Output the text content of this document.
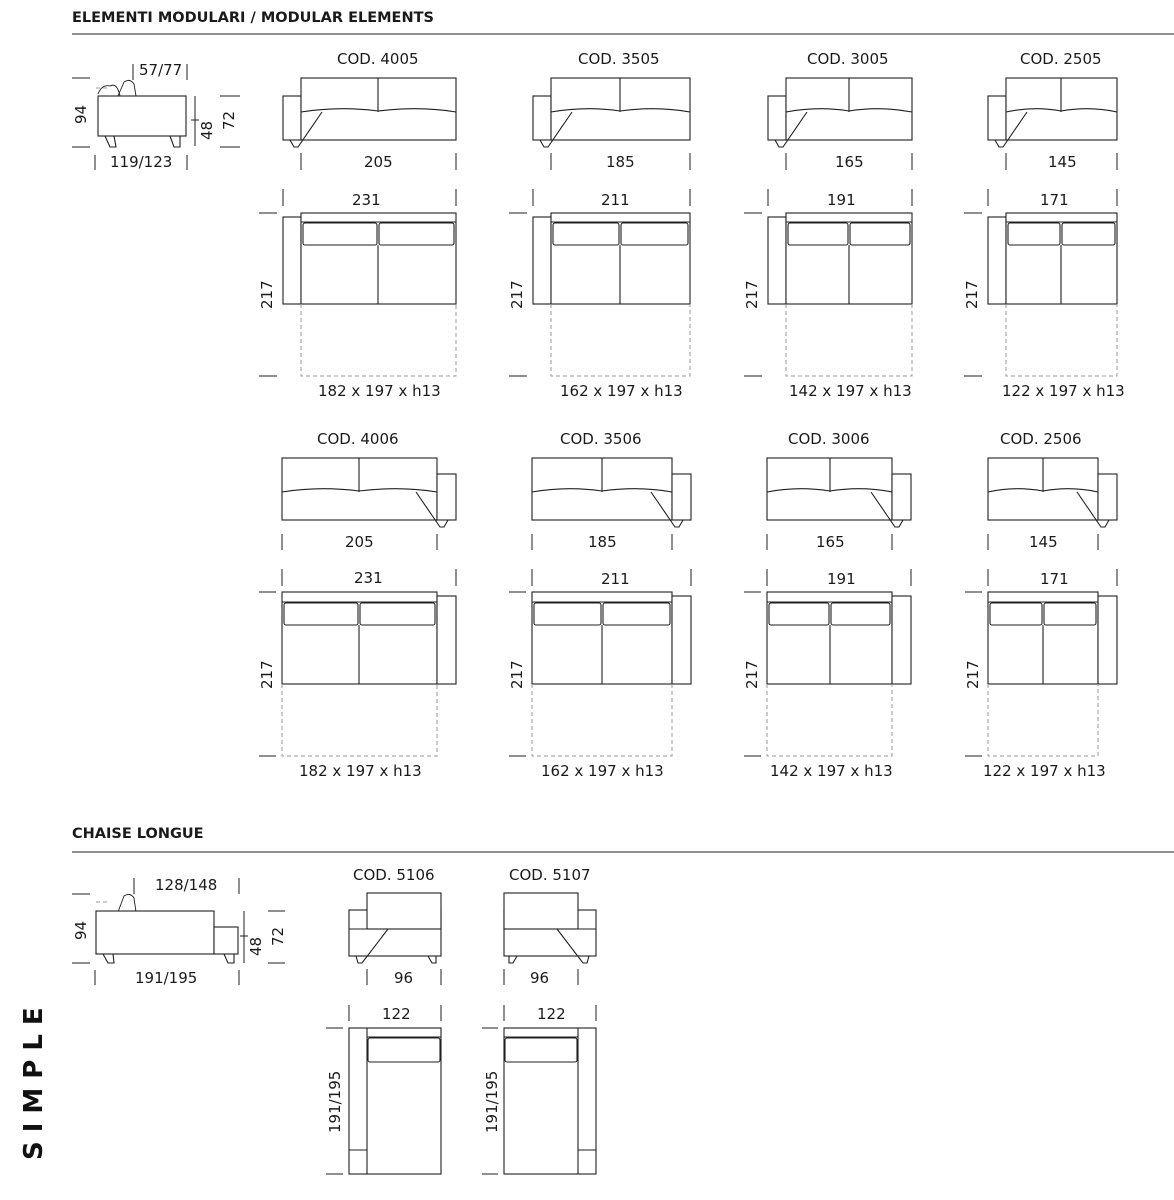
ELEMENTI MODULARI / MODULAR ELEMENTS
CHAISE LONGUE
SIMPLE
94
57/77
48
72
119/123
COD. 4005
205
231
217
182 x 197 x h13
COD. 3505
185
211
217
162 x 197 x h13
COD. 3005
165
191
217
142 x 197 x h13
COD. 2505
145
171
217
122 x 197 x h13
COD. 4006
205
231
217
182 x 197 x h13
COD. 3506
185
211
217
162 x 197 x h13
COD. 3006
165
191
217
142 x 197 x h13
COD. 2506
145
171
217
122 x 197 x h13
94
128/148
48
72
191/195
COD. 5106
96
122
191/195
COD. 5107
96
122
191/195
